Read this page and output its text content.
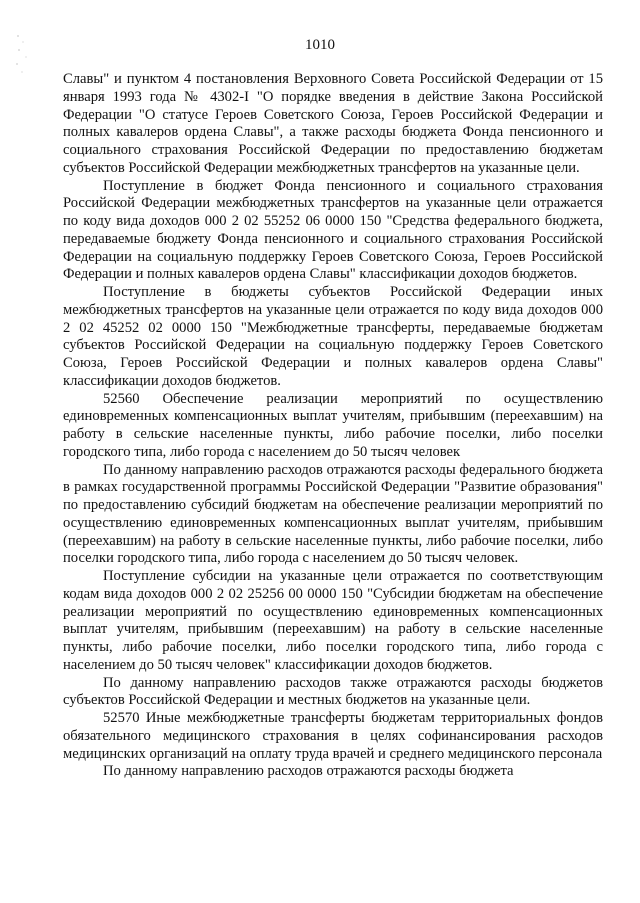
1010

Славы" и пунктом 4 постановления Верховного Совета Российской Федерации от 15 января 1993 года № 4302-I "О порядке введения в действие Закона Российской Федерации "О статусе Героев Советского Союза, Героев Российской Федерации и полных кавалеров ордена Славы", а также расходы бюджета Фонда пенсионного и социального страхования Российской Федерации по предоставлению бюджетам субъектов Российской Федерации межбюджетных трансфертов на указанные цели.

Поступление в бюджет Фонда пенсионного и социального страхования Российской Федерации межбюджетных трансфертов на указанные цели отражается по коду вида доходов 000 2 02 55252 06 0000 150 "Средства федерального бюджета, передаваемые бюджету Фонда пенсионного и социального страхования Российской Федерации на социальную поддержку Героев Советского Союза, Героев Российской Федерации и полных кавалеров ордена Славы" классификации доходов бюджетов.

Поступление в бюджеты субъектов Российской Федерации иных межбюджетных трансфертов на указанные цели отражается по коду вида доходов 000 2 02 45252 02 0000 150 "Межбюджетные трансферты, передаваемые бюджетам субъектов Российской Федерации на социальную поддержку Героев Советского Союза, Героев Российской Федерации и полных кавалеров ордена Славы" классификации доходов бюджетов.

52560 Обеспечение реализации мероприятий по осуществлению единовременных компенсационных выплат учителям, прибывшим (переехавшим) на работу в сельские населенные пункты, либо рабочие поселки, либо поселки городского типа, либо города с населением до 50 тысяч человек

По данному направлению расходов отражаются расходы федерального бюджета в рамках государственной программы Российской Федерации "Развитие образования" по предоставлению субсидий бюджетам на обеспечение реализации мероприятий по осуществлению единовременных компенсационных выплат учителям, прибывшим (переехавшим) на работу в сельские населенные пункты, либо рабочие поселки, либо поселки городского типа, либо города с населением до 50 тысяч человек.

Поступление субсидии на указанные цели отражается по соответствующим кодам вида доходов 000 2 02 25256 00 0000 150 "Субсидии бюджетам на обеспечение реализации мероприятий по осуществлению единовременных компенсационных выплат учителям, прибывшим (переехавшим) на работу в сельские населенные пункты, либо рабочие поселки, либо поселки городского типа, либо города с населением до 50 тысяч человек" классификации доходов бюджетов.

По данному направлению расходов также отражаются расходы бюджетов субъектов Российской Федерации и местных бюджетов на указанные цели.

52570 Иные межбюджетные трансферты бюджетам территориальных фондов обязательного медицинского страхования в целях софинансирования расходов медицинских организаций на оплату труда врачей и среднего медицинского персонала

По данному направлению расходов отражаются расходы бюджета
